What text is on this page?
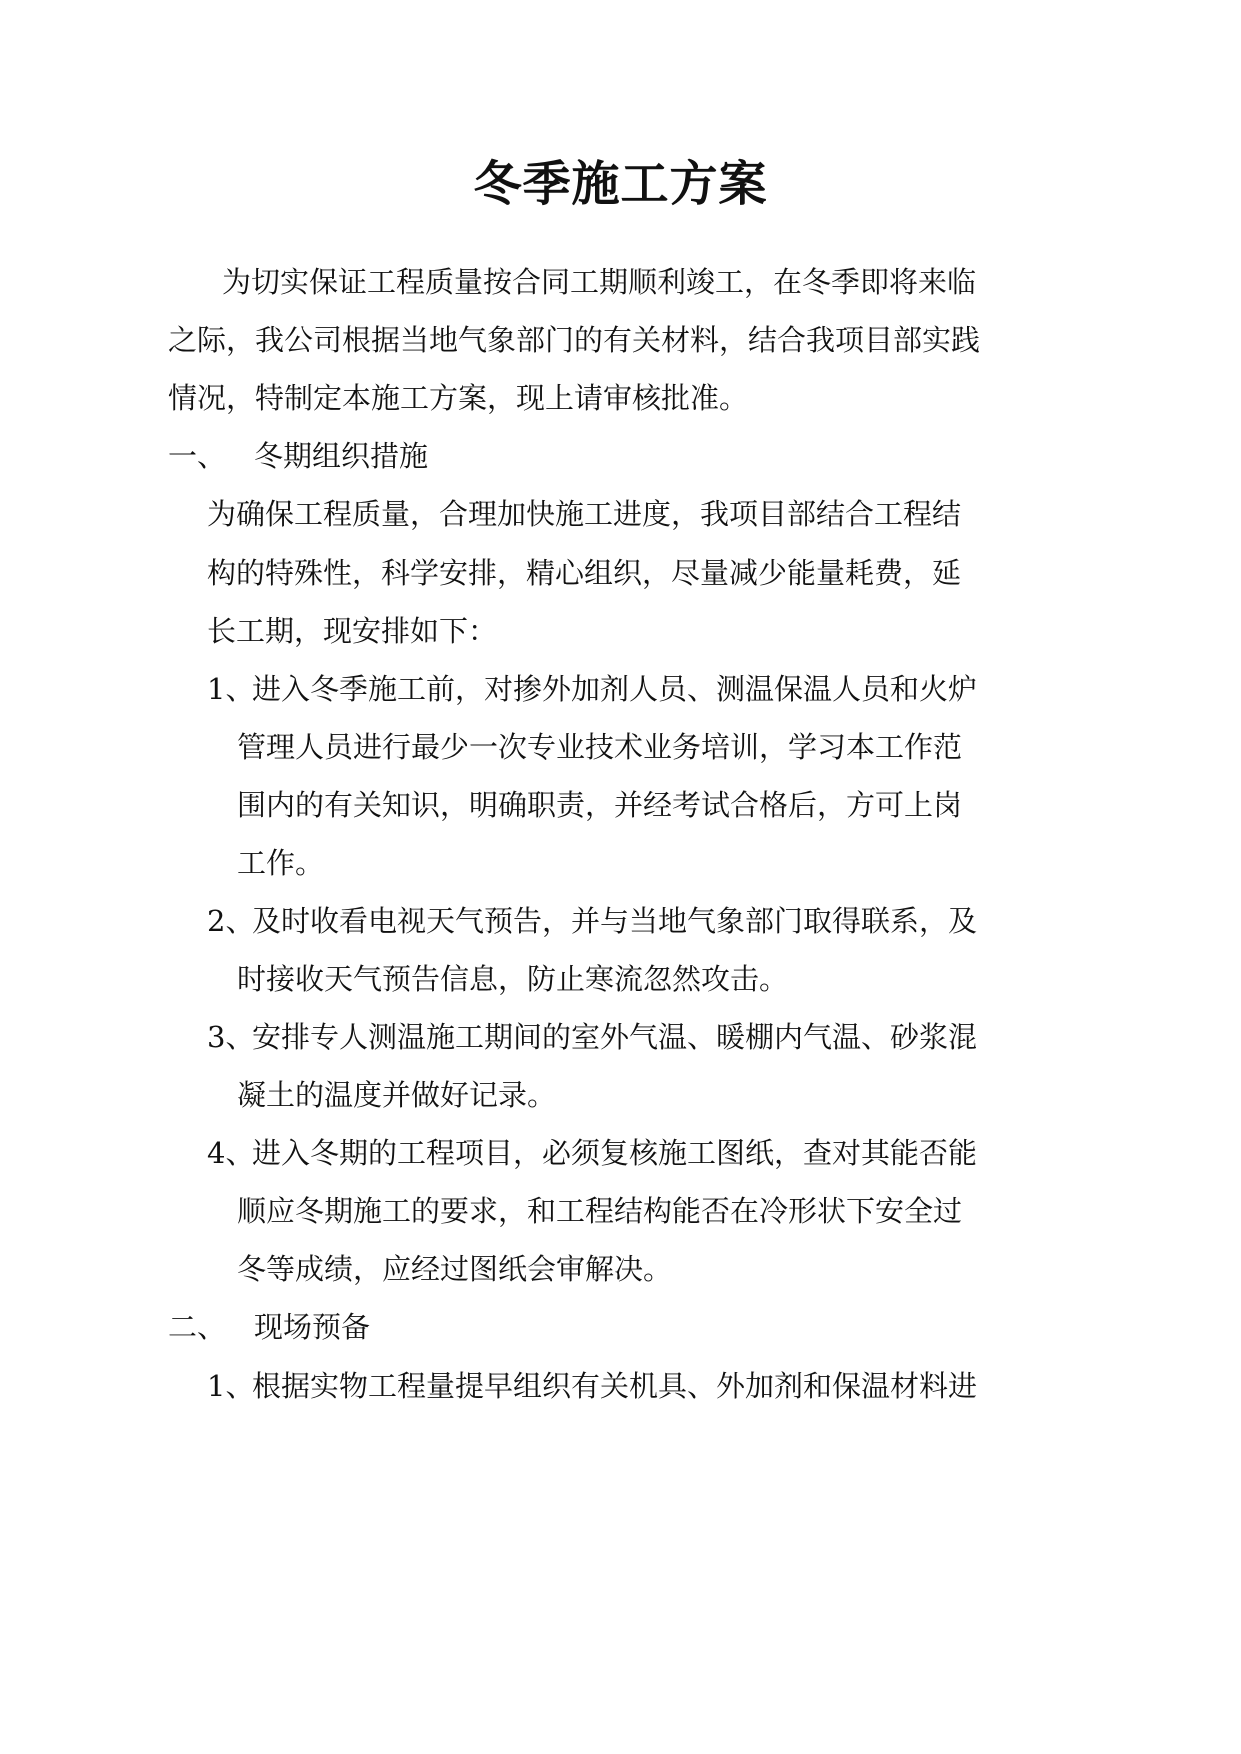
冬季施工方案
为切实保证工程质量按合同工期顺利竣工，在冬季即将来临
之际，我公司根据当地气象部门的有关材料，结合我项目部实践
情况，特制定本施工方案，现上请审核批准。
一、 冬期组织措施
为确保工程质量，合理加快施工进度，我项目部结合工程结
构的特殊性，科学安排，精心组织，尽量减少能量耗费，延
长工期，现安排如下：
1、
进入冬季施工前，对掺外加剂人员、测温保温人员和火炉
管理人员进行最少一次专业技术业务培训，学习本工作范
围内的有关知识，明确职责，并经考试合格后，方可上岗
工作。
2、
及时收看电视天气预告，并与当地气象部门取得联系，及
时接收天气预告信息，防止寒流忽然攻击。
3、
安排专人测温施工期间的室外气温、暖棚内气温、砂浆混
凝土的温度并做好记录。
4、
进入冬期的工程项目，必须复核施工图纸，查对其能否能
顺应冬期施工的要求，和工程结构能否在冷形状下安全过
冬等成绩，应经过图纸会审解决。
二、 现场预备
1、
根据实物工程量提早组织有关机具、外加剂和保温材料进
